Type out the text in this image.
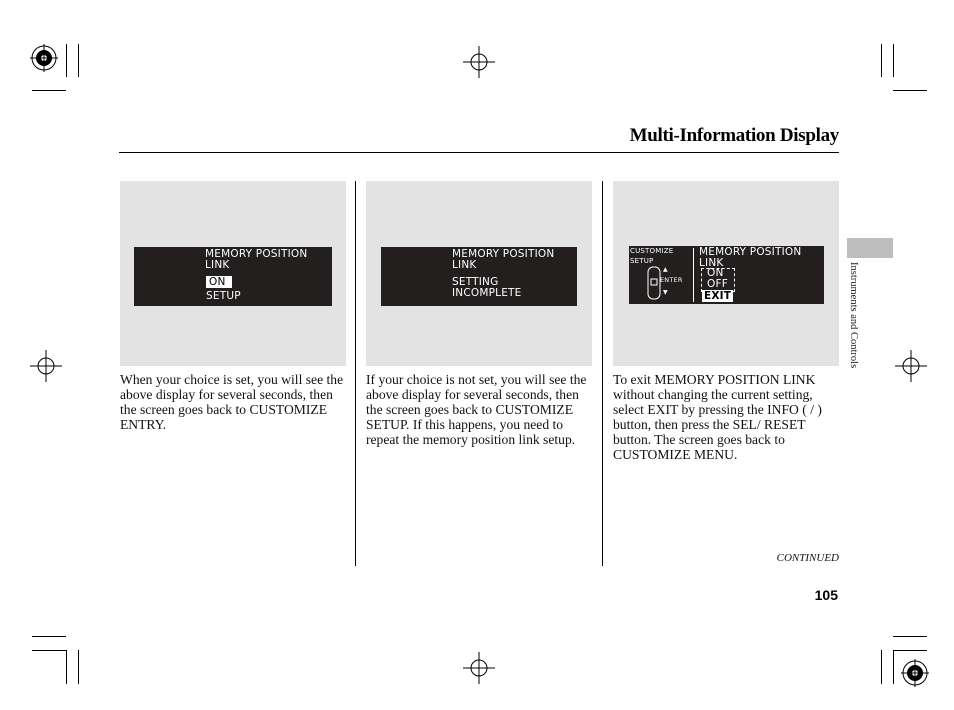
Multi-Information Display
MEMORY POSITION
LINK
ON
SETUP
When your choice is set, you will see the above display for several seconds, then the screen goes back to CUSTOMIZE ENTRY.
MEMORY POSITION
LINK
SETTING
INCOMPLETE
If your choice is not set, you will see the above display for several seconds, then the screen goes back to CUSTOMIZE SETUP. If this happens, you need to repeat the memory position link setup.
CUSTOMIZE
SETUP
▲
ENTER
▼
MEMORY POSITION
LINK
ON
OFF
EXIT
To exit MEMORY POSITION LINK without changing the current setting, select EXIT by pressing the INFO ( / ) button, then press the SEL/ RESET button. The screen goes back to CUSTOMIZE MENU.
Instruments and Controls
CONTINUED
105
